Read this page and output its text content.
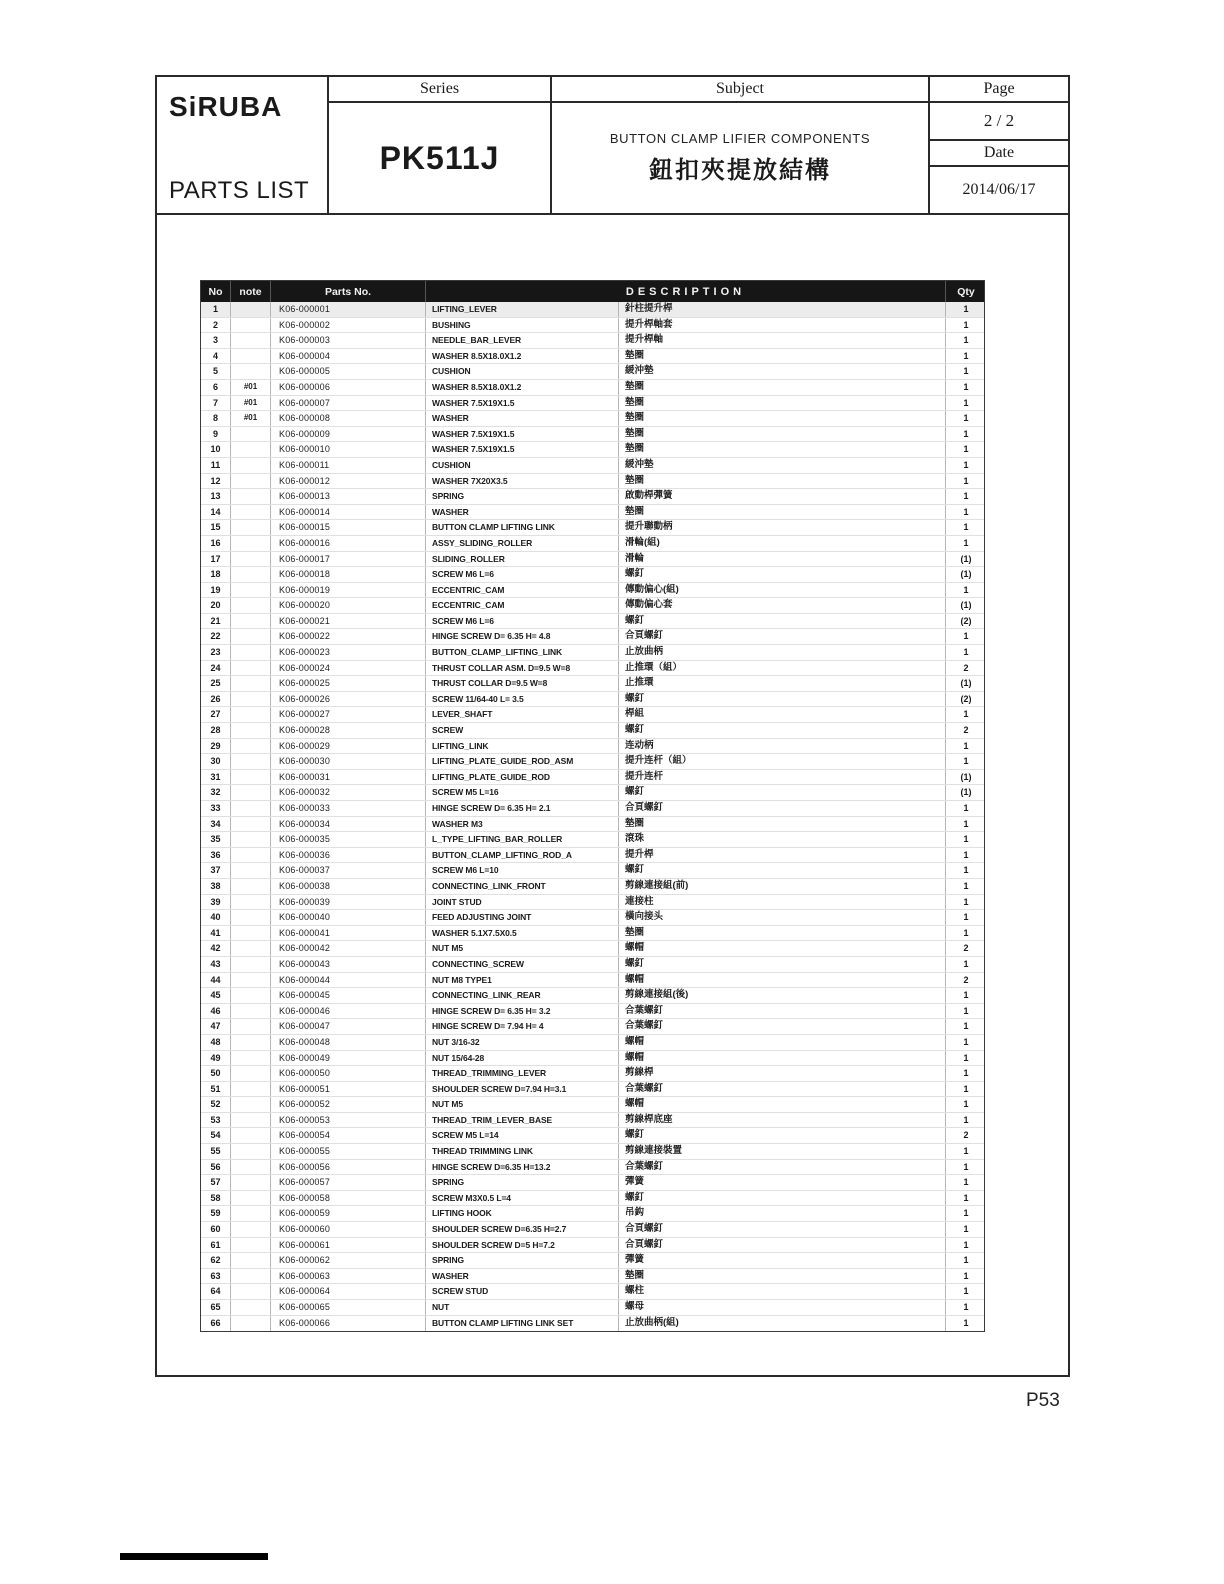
SiRUBA
PARTS LIST
Series
PK511J
Subject
BUTTON CLAMP LIFIER COMPONENTS
鈕扣夾提放結構
Page
2 / 2
Date
2014/06/17
No	note	Parts No.	DESCRIPTION	Qty
1	K06-000001	LIFTING_LEVER	針柱提升桿	1
2	K06-000002	BUSHING	提升桿軸套	1
3	K06-000003	NEEDLE_BAR_LEVER	提升桿軸	1
4	K06-000004	WASHER 8.5X18.0X1.2	墊圈	1
5	K06-000005	CUSHION	緩沖墊	1
6	#01	K06-000006	WASHER 8.5X18.0X1.2	墊圈	1
7	#01	K06-000007	WASHER 7.5X19X1.5	墊圈	1
8	#01	K06-000008	WASHER	墊圈	1
9	K06-000009	WASHER 7.5X19X1.5	墊圈	1
10	K06-000010	WASHER 7.5X19X1.5	墊圈	1
11	K06-000011	CUSHION	緩沖墊	1
12	K06-000012	WASHER 7X20X3.5	墊圈	1
13	K06-000013	SPRING	啟動桿彈簧	1
14	K06-000014	WASHER	墊圈	1
15	K06-000015	BUTTON CLAMP LIFTING LINK	提升聯動柄	1
16	K06-000016	ASSY_SLIDING_ROLLER	滑輪(組)	1
17	K06-000017	SLIDING_ROLLER	滑輪	(1)
18	K06-000018	SCREW M6 L=6	螺釘	(1)
19	K06-000019	ECCENTRIC_CAM	傳動偏心(組)	1
20	K06-000020	ECCENTRIC_CAM	傳動偏心套	(1)
21	K06-000021	SCREW M6 L=6	螺釘	(2)
22	K06-000022	HINGE SCREW D= 6.35 H= 4.8	合頁螺釘	1
23	K06-000023	BUTTON_CLAMP_LIFTING_LINK	止放曲柄	1
24	K06-000024	THRUST COLLAR ASM. D=9.5 W=8	止推環（組）	2
25	K06-000025	THRUST COLLAR D=9.5 W=8	止推環	(1)
26	K06-000026	SCREW 11/64-40 L= 3.5	螺釘	(2)
27	K06-000027	LEVER_SHAFT	桿組	1
28	K06-000028	SCREW	螺釘	2
29	K06-000029	LIFTING_LINK	连动柄	1
30	K06-000030	LIFTING_PLATE_GUIDE_ROD_ASM	提升连杆（組）	1
31	K06-000031	LIFTING_PLATE_GUIDE_ROD	提升连杆	(1)
32	K06-000032	SCREW M5 L=16	螺釘	(1)
33	K06-000033	HINGE SCREW D= 6.35 H= 2.1	合頁螺釘	1
34	K06-000034	WASHER M3	墊圈	1
35	K06-000035	L_TYPE_LIFTING_BAR_ROLLER	滾珠	1
36	K06-000036	BUTTON_CLAMP_LIFTING_ROD_A	提升桿	1
37	K06-000037	SCREW M6 L=10	螺釘	1
38	K06-000038	CONNECTING_LINK_FRONT	剪線連接組(前)	1
39	K06-000039	JOINT STUD	連接柱	1
40	K06-000040	FEED ADJUSTING JOINT	橫向接头	1
41	K06-000041	WASHER 5.1X7.5X0.5	墊圈	1
42	K06-000042	NUT M5	螺帽	2
43	K06-000043	CONNECTING_SCREW	螺釘	1
44	K06-000044	NUT M8 TYPE1	螺帽	2
45	K06-000045	CONNECTING_LINK_REAR	剪線連接組(後)	1
46	K06-000046	HINGE SCREW D= 6.35 H= 3.2	合葉螺釘	1
47	K06-000047	HINGE SCREW D= 7.94 H= 4	合葉螺釘	1
48	K06-000048	NUT 3/16-32	螺帽	1
49	K06-000049	NUT 15/64-28	螺帽	1
50	K06-000050	THREAD_TRIMMING_LEVER	剪線桿	1
51	K06-000051	SHOULDER SCREW D=7.94 H=3.1	合葉螺釘	1
52	K06-000052	NUT M5	螺帽	1
53	K06-000053	THREAD_TRIM_LEVER_BASE	剪線桿底座	1
54	K06-000054	SCREW M5 L=14	螺釘	2
55	K06-000055	THREAD TRIMMING LINK	剪線連接裝置	1
56	K06-000056	HINGE SCREW D=6.35 H=13.2	合葉螺釘	1
57	K06-000057	SPRING	彈簧	1
58	K06-000058	SCREW M3X0.5 L=4	螺釘	1
59	K06-000059	LIFTING HOOK	吊鈎	1
60	K06-000060	SHOULDER SCREW D=6.35 H=2.7	合頁螺釘	1
61	K06-000061	SHOULDER SCREW D=5 H=7.2	合頁螺釘	1
62	K06-000062	SPRING	彈簧	1
63	K06-000063	WASHER	墊圈	1
64	K06-000064	SCREW STUD	螺柱	1
65	K06-000065	NUT	螺母	1
66	K06-000066	BUTTON CLAMP LIFTING LINK SET	止放曲柄(組)	1
P53
